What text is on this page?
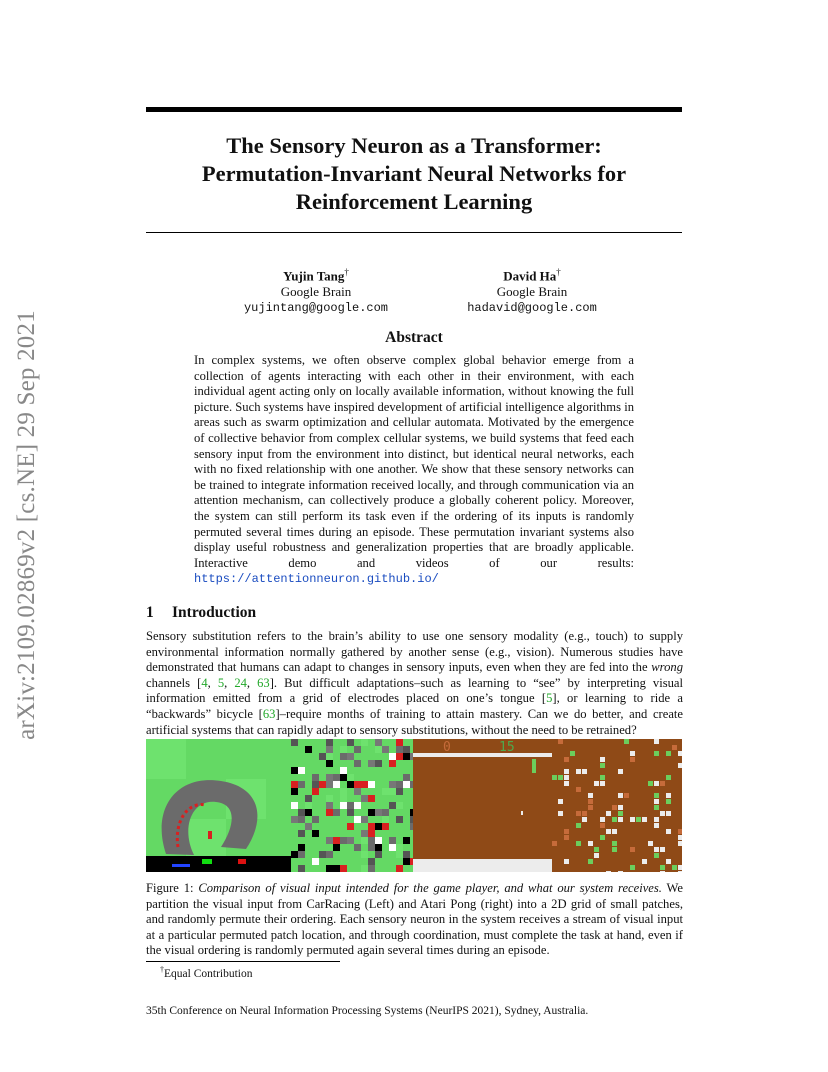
arXiv:2109.02869v2 [cs.NE] 29 Sep 2021
The Sensory Neuron as a Transformer:
Permutation-Invariant Neural Networks for
Reinforcement Learning
Yujin Tang†
Google Brain
yujintang@google.com
David Ha†
Google Brain
hadavid@google.com
Abstract
In complex systems, we often observe complex global behavior emerge from a collection of agents interacting with each other in their environment, with each individual agent acting only on locally available information, without knowing the full picture. Such systems have inspired development of artificial intelligence algorithms in areas such as swarm optimization and cellular automata. Motivated by the emergence of collective behavior from complex cellular systems, we build systems that feed each sensory input from the environment into distinct, but identical neural networks, each with no fixed relationship with one another. We show that these sensory networks can be trained to integrate information received locally, and through communication via an attention mechanism, can collectively produce a globally coherent policy. Moreover, the system can still perform its task even if the ordering of its inputs is randomly permuted several times during an episode. These permutation invariant systems also display useful robustness and generalization properties that are broadly applicable. Interactive demo and videos of our results: https://attentionneuron.github.io/
1 Introduction
Sensory substitution refers to the brain’s ability to use one sensory modality (e.g., touch) to supply environmental information normally gathered by another sense (e.g., vision). Numerous studies have demonstrated that humans can adapt to changes in sensory inputs, even when they are fed into the wrong channels [4, 5, 24, 63]. But difficult adaptations–such as learning to “see” by interpreting visual information emitted from a grid of electrodes placed on one’s tongue [5], or learning to ride a “backwards” bicycle [63]–require months of training to attain mastery. Can we do better, and create artificial systems that can rapidly adapt to sensory substitutions, without the need to be retrained?
0	15
Figure 1: Comparison of visual input intended for the game player, and what our system receives. We partition the visual input from CarRacing (Left) and Atari Pong (right) into a 2D grid of small patches, and randomly permute their ordering. Each sensory neuron in the system receives a stream of visual input at a particular permuted patch location, and through coordination, must complete the task at hand, even if the visual ordering is randomly permuted again several times during an episode.
†Equal Contribution
35th Conference on Neural Information Processing Systems (NeurIPS 2021), Sydney, Australia.
